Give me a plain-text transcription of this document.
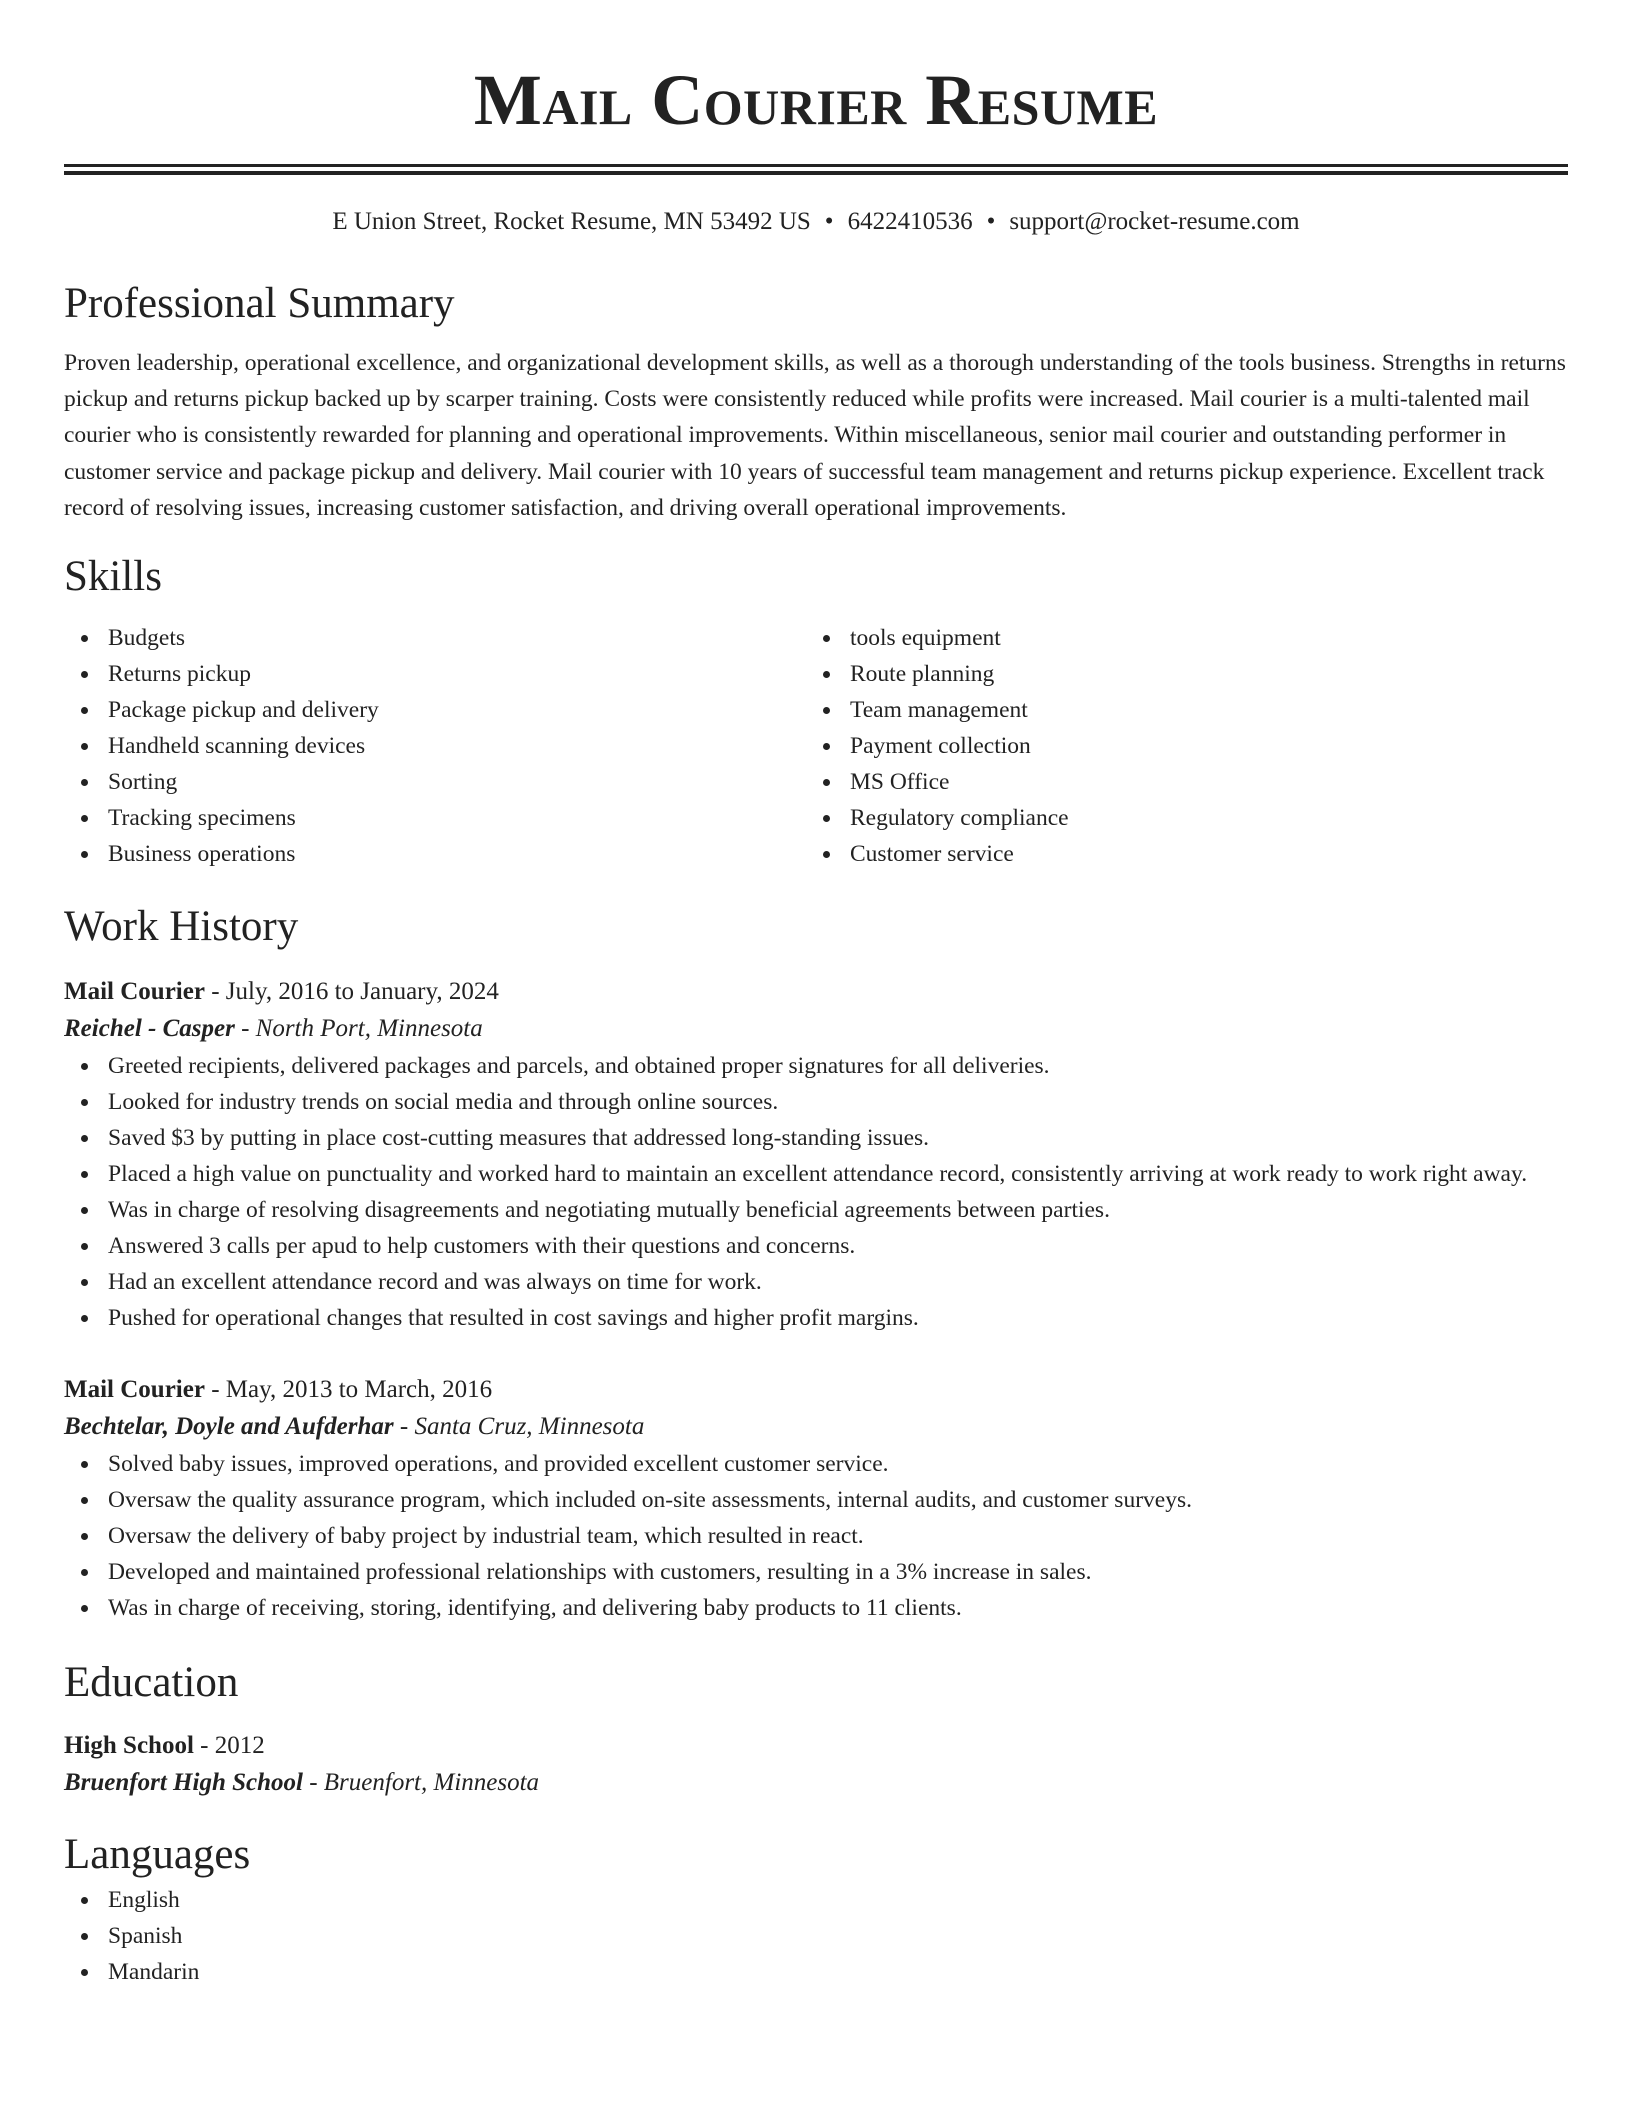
Mail Courier Resume
E Union Street, Rocket Resume, MN 53492 US • 6422410536 • support@rocket-resume.com
Professional Summary
Proven leadership, operational excellence, and organizational development skills, as well as a thorough understanding of the tools business. Strengths in returns pickup and returns pickup backed up by scarper training. Costs were consistently reduced while profits were increased. Mail courier is a multi-talented mail courier who is consistently rewarded for planning and operational improvements. Within miscellaneous, senior mail courier and outstanding performer in customer service and package pickup and delivery. Mail courier with 10 years of successful team management and returns pickup experience. Excellent track record of resolving issues, increasing customer satisfaction, and driving overall operational improvements.
Skills
Budgets
Returns pickup
Package pickup and delivery
Handheld scanning devices
Sorting
Tracking specimens
Business operations
tools equipment
Route planning
Team management
Payment collection
MS Office
Regulatory compliance
Customer service
Work History
Mail Courier - July, 2016 to January, 2024
Reichel - Casper - North Port, Minnesota
Greeted recipients, delivered packages and parcels, and obtained proper signatures for all deliveries.
Looked for industry trends on social media and through online sources.
Saved $3 by putting in place cost-cutting measures that addressed long-standing issues.
Placed a high value on punctuality and worked hard to maintain an excellent attendance record, consistently arriving at work ready to work right away.
Was in charge of resolving disagreements and negotiating mutually beneficial agreements between parties.
Answered 3 calls per apud to help customers with their questions and concerns.
Had an excellent attendance record and was always on time for work.
Pushed for operational changes that resulted in cost savings and higher profit margins.
Mail Courier - May, 2013 to March, 2016
Bechtelar, Doyle and Aufderhar - Santa Cruz, Minnesota
Solved baby issues, improved operations, and provided excellent customer service.
Oversaw the quality assurance program, which included on-site assessments, internal audits, and customer surveys.
Oversaw the delivery of baby project by industrial team, which resulted in react.
Developed and maintained professional relationships with customers, resulting in a 3% increase in sales.
Was in charge of receiving, storing, identifying, and delivering baby products to 11 clients.
Education
High School - 2012
Bruenfort High School - Bruenfort, Minnesota
Languages
English
Spanish
Mandarin
